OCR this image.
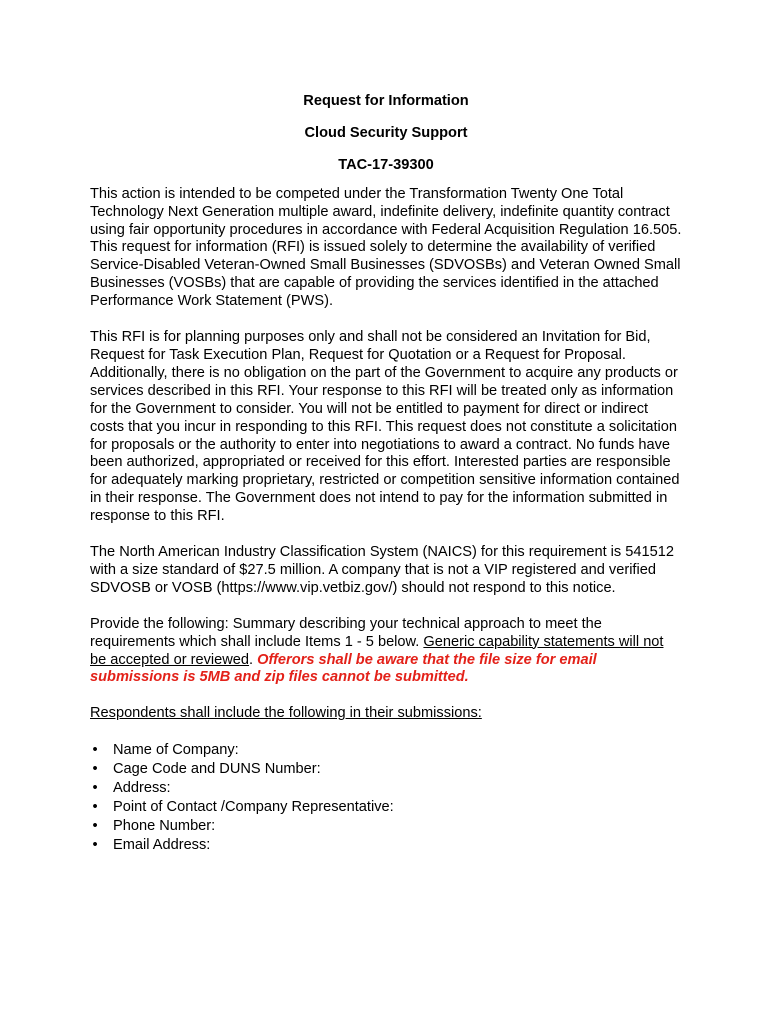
Request for Information

Cloud Security Support

TAC-17-39300

This action is intended to be competed under the Transformation Twenty One Total Technology Next Generation multiple award, indefinite delivery, indefinite quantity contract using fair opportunity procedures in accordance with Federal Acquisition Regulation 16.505. This request for information (RFI) is issued solely to determine the availability of verified Service-Disabled Veteran-Owned Small Businesses (SDVOSBs) and Veteran Owned Small Businesses (VOSBs) that are capable of providing the services identified in the attached Performance Work Statement (PWS).

This RFI is for planning purposes only and shall not be considered an Invitation for Bid, Request for Task Execution Plan, Request for Quotation or a Request for Proposal. Additionally, there is no obligation on the part of the Government to acquire any products or services described in this RFI. Your response to this RFI will be treated only as information for the Government to consider. You will not be entitled to payment for direct or indirect costs that you incur in responding to this RFI. This request does not constitute a solicitation for proposals or the authority to enter into negotiations to award a contract. No funds have been authorized, appropriated or received for this effort. Interested parties are responsible for adequately marking proprietary, restricted or competition sensitive information contained in their response. The Government does not intend to pay for the information submitted in response to this RFI.

The North American Industry Classification System (NAICS) for this requirement is 541512 with a size standard of $27.5 million. A company that is not a VIP registered and verified SDVOSB or VOSB (https://www.vip.vetbiz.gov/) should not respond to this notice.

Provide the following: Summary describing your technical approach to meet the requirements which shall include Items 1 - 5 below. Generic capability statements will not be accepted or reviewed. Offerors shall be aware that the file size for email submissions is 5MB and zip files cannot be submitted.

Respondents shall include the following in their submissions:

• Name of Company:
• Cage Code and DUNS Number:
• Address:
• Point of Contact /Company Representative:
• Phone Number:
• Email Address:
